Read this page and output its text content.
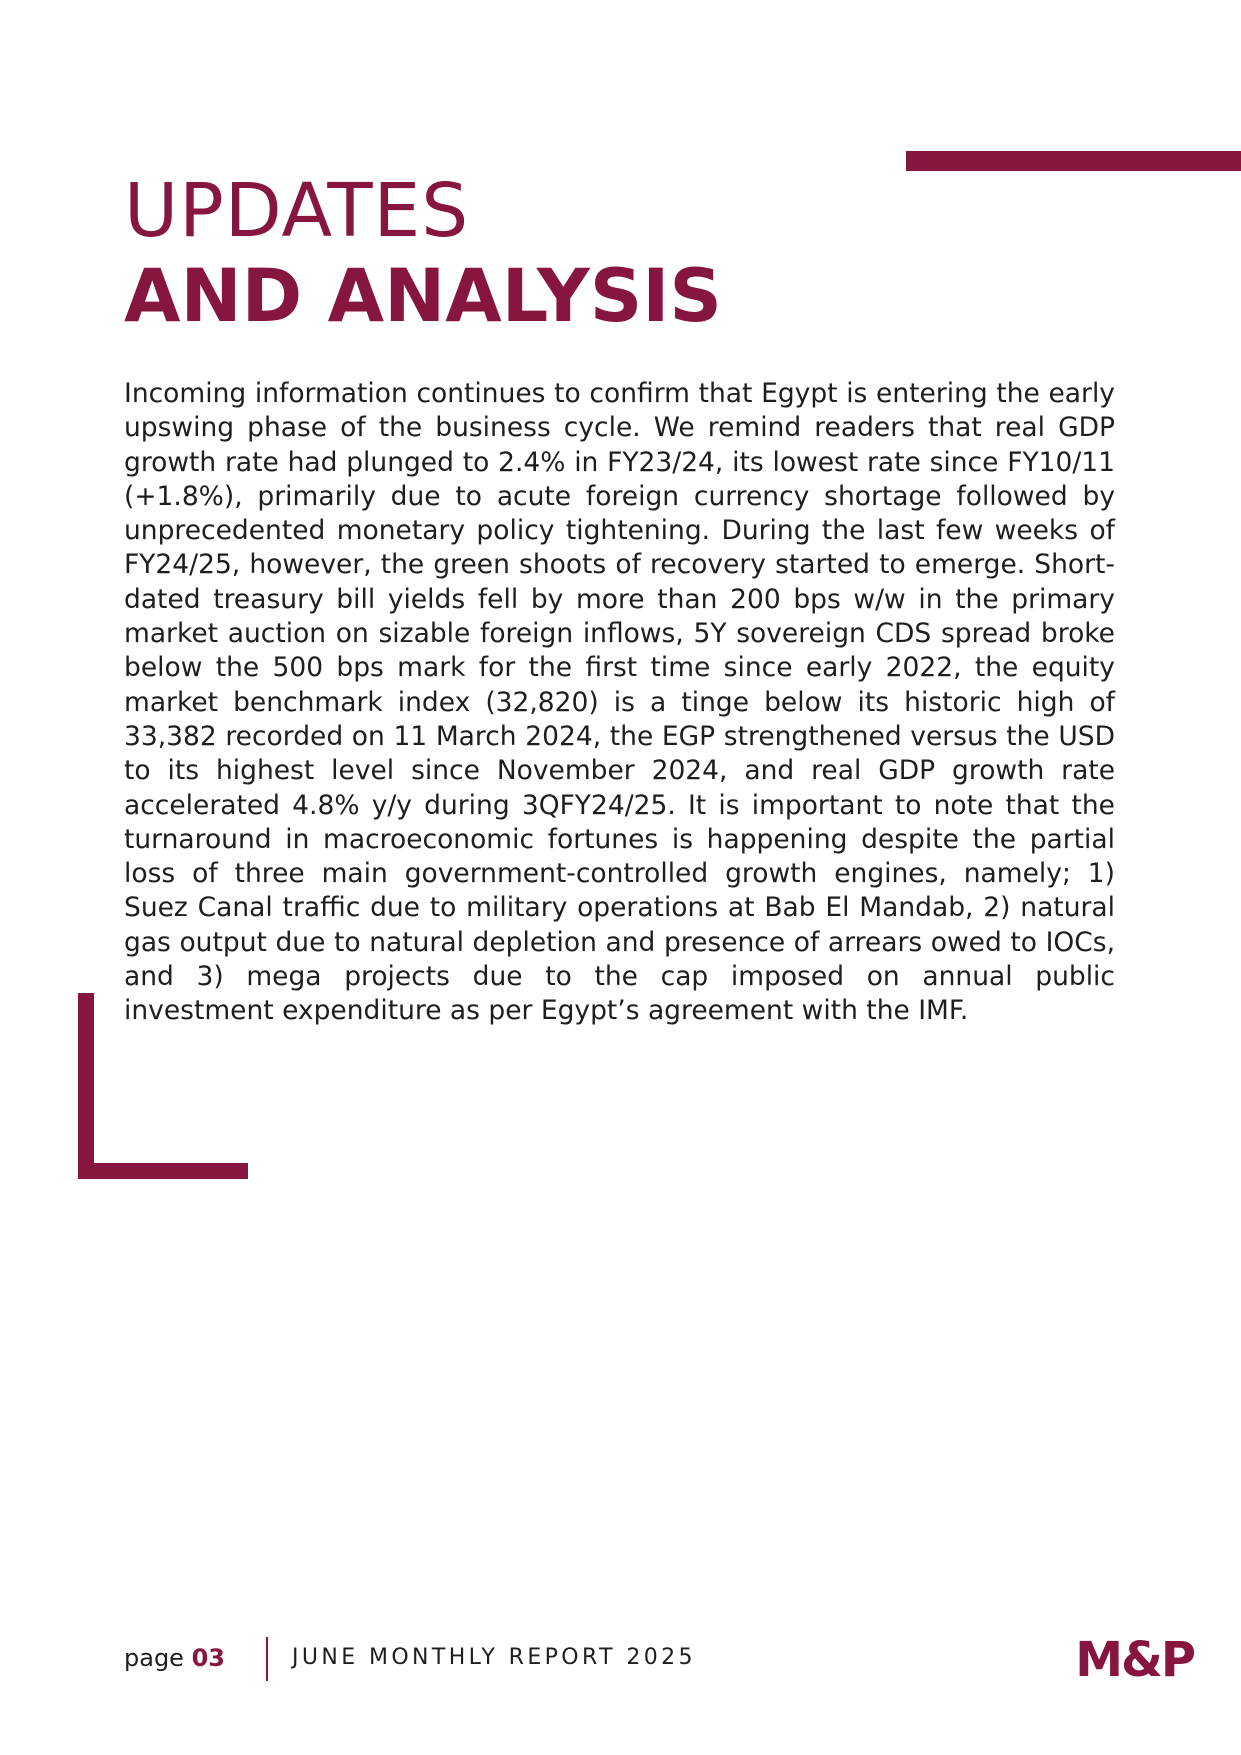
UPDATES
AND ANALYSIS

Incoming information continues to confirm that Egypt is entering the early upswing phase of the business cycle. We remind readers that real GDP growth rate had plunged to 2.4% in FY23/24, its lowest rate since FY10/11 (+1.8%), primarily due to acute foreign currency shortage followed by unprecedented monetary policy tightening. During the last few weeks of FY24/25, however, the green shoots of recovery started to emerge. Short-dated treasury bill yields fell by more than 200 bps w/w in the primary market auction on sizable foreign inflows, 5Y sovereign CDS spread broke below the 500 bps mark for the first time since early 2022, the equity market benchmark index (32,820) is a tinge below its historic high of 33,382 recorded on 11 March 2024, the EGP strengthened versus the USD to its highest level since November 2024, and real GDP growth rate accelerated 4.8% y/y during 3QFY24/25. It is important to note that the turnaround in macroeconomic fortunes is happening despite the partial loss of three main government-controlled growth engines, namely; 1) Suez Canal traffic due to military operations at Bab El Mandab, 2) natural gas output due to natural depletion and presence of arrears owed to IOCs, and 3) mega projects due to the cap imposed on annual public investment expenditure as per Egypt’s agreement with the IMF.

page 03	JUNE MONTHLY REPORT 2025	M&P
